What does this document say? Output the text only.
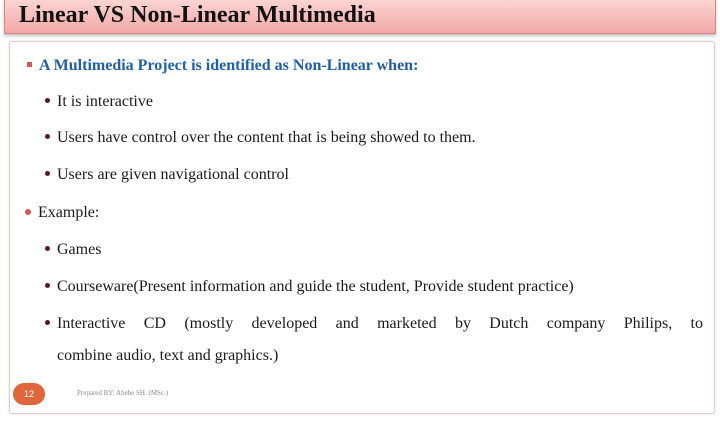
Linear VS Non-Linear Multimedia
A Multimedia Project is identified as Non-Linear when:
It is interactive
Users have control over the content that is being showed to them.
Users are given navigational control
Example:
Games
Courseware(Present information and guide the student, Provide student practice)
Interactive CD (mostly developed and marketed by Dutch company Philips, to
combine audio, text and graphics.)
12	Prepared BY: Abebe SH. (MSc.)
